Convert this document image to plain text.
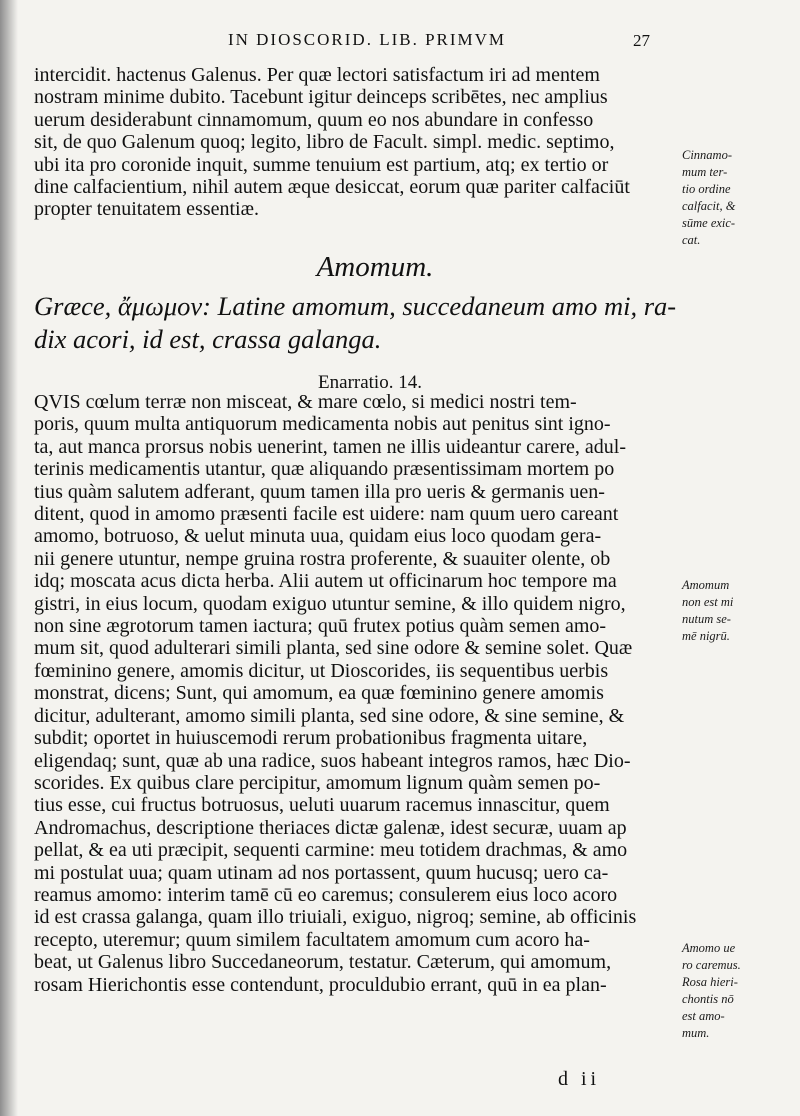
IN DIOSCORID. LIB. PRIMVM	27
intercidit. hactenus Galenus. Per quæ lectori satisfactum iri ad mentem
nostram minime dubito. Tacebunt igitur deinceps scribētes, nec amplius
uerum desiderabunt cinnamomum, quum eo nos abundare in confesso
sit, de quo Galenum quoq; legito, libro de Facult. simpl. medic. septimo,
ubi ita pro coronide inquit, summe tenuium est partium, atq; ex tertio or
dine calfacientium, nihil autem æque desiccat, eorum quæ pariter calfaciūt
propter tenuitatem essentiæ.
Amomum.
Græce, ἄμωμον: Latine amomum, succedaneum amo mi, ra-
dix acori, id est, crassa galanga.
Enarratio. 14.
QVIS cœlum terræ non misceat, & mare cœlo, si medici nostri tem-
poris, quum multa antiquorum medicamenta nobis aut penitus sint igno-
ta, aut manca prorsus nobis uenerint, tamen ne illis uideantur carere, adul-
terinis medicamentis utantur, quæ aliquando præsentissimam mortem po
tius quàm salutem adferant, quum tamen illa pro ueris & germanis uen-
ditent, quod in amomo præsenti facile est uidere: nam quum uero careant
amomo, botruoso, & uelut minuta uua, quidam eius loco quodam gera-
nii genere utuntur, nempe gruina rostra proferente, & suauiter olente, ob
idq; moscata acus dicta herba. Alii autem ut officinarum hoc tempore ma
gistri, in eius locum, quodam exiguo utuntur semine, & illo quidem nigro,
non sine ægrotorum tamen iactura; quū frutex potius quàm semen amo-
mum sit, quod adulterari simili planta, sed sine odore & semine solet. Quæ
fœminino genere, amomis dicitur, ut Dioscorides, iis sequentibus uerbis
monstrat, dicens; Sunt, qui amomum, ea quæ fœminino genere amomis
dicitur, adulterant, amomo simili planta, sed sine odore, & sine semine, &
subdit; oportet in huiuscemodi rerum probationibus fragmenta uitare,
eligendaq; sunt, quæ ab una radice, suos habeant integros ramos, hæc Dio-
scorides. Ex quibus clare percipitur, amomum lignum quàm semen po-
tius esse, cui fructus botruosus, ueluti uuarum racemus innascitur, quem
Andromachus, descriptione theriaces dictæ galenæ, idest securæ, uuam ap
pellat, & ea uti præcipit, sequenti carmine: meu totidem drachmas, & amo
mi postulat uua; quam utinam ad nos portassent, quum hucusq; uero ca-
reamus amomo: interim tamē cū eo caremus; consulerem eius loco acoro
id est crassa galanga, quam illo triuiali, exiguo, nigroq; semine, ab officinis
recepto, uteremur; quum similem facultatem amomum cum acoro ha-
beat, ut Galenus libro Succedaneorum, testatur. Cæterum, qui amomum,
rosam Hierichontis esse contendunt, proculdubio errant, quū in ea plan-
Cinnamo-
mum ter-
tio ordine
calfacit, &
sūme exic-
cat.
Amomum
non est mi
nutum se-
mē nigrū.
Amomo ue
ro caremus.
Rosa hieri-
chontis nō
est amo-
mum.
d ii
